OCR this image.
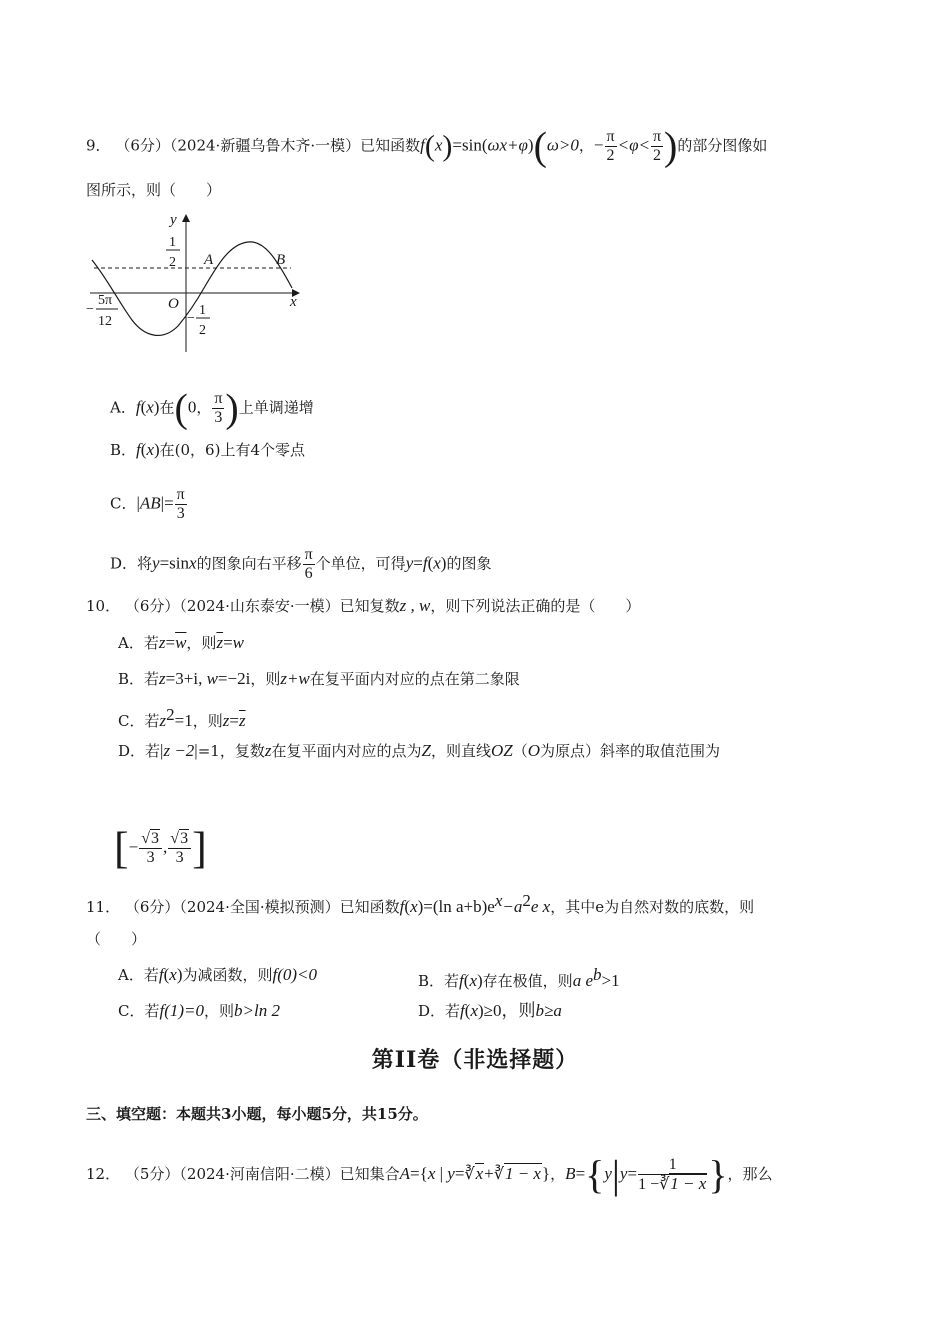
9． （6分）（2024·新疆乌鲁木齐·一模）已知函数f(x)=sin(ωx+φ)(ω>0，− $\frac{\pi}{2} <\varphi< \frac{\pi}{2}$ )的部分图像如
图所示，则（　　）
y
x
O
1
2
−
1
2
−
5π
12
A	B
A．f(x)在(0， $\frac{\pi}{3}$ )上单调递增
B．f(x)在(0，6)上有4个零点
C．$|AB|= \frac{\pi}{3}$
D．将y=sinx的图象向右平移 $\frac{\pi}{6}$ 个单位，可得y=f(x)的图象
10． （6分）（2024·山东泰安·一模）已知复数z , w，则下列说法正确的是（　　）
A．若$z=\overline{w}$，则$\overline{z}=w$
B．若z=3+i, w=−2i，则z+w在复平面内对应的点在第二象限
C．若$z^2=1$，则$z=\overline{z}$
D．若|z −2|=1，复数z在复平面内对应的点为Z，则直线OZ（O为原点）斜率的取值范围为
[− $\frac{√3}{3}$ , $\frac{√3}{3}$ ]
11． （6分）（2024·全国·模拟预测）已知函数f(x)=(ln $a+b)e^x-a^2e$ x，其中e为自然对数的底数，则
（　　）
A．若f(x)为减函数，则f(0)<0	B．若f(x)存在极值，则a $e^b>1$
C．若f(1)=0，则b>ln 2	D．若f(x)≥0，则b≥a
第II卷（非选择题）
三、填空题：本题共3小题，每小题5分，共15分。
12． （5分）（2024·河南信阳·二模）已知集合A={x | y=∛x+∛1 − x}，$B=\{y|y= \frac{1}{1 -∛1 - x}$ }，那么
